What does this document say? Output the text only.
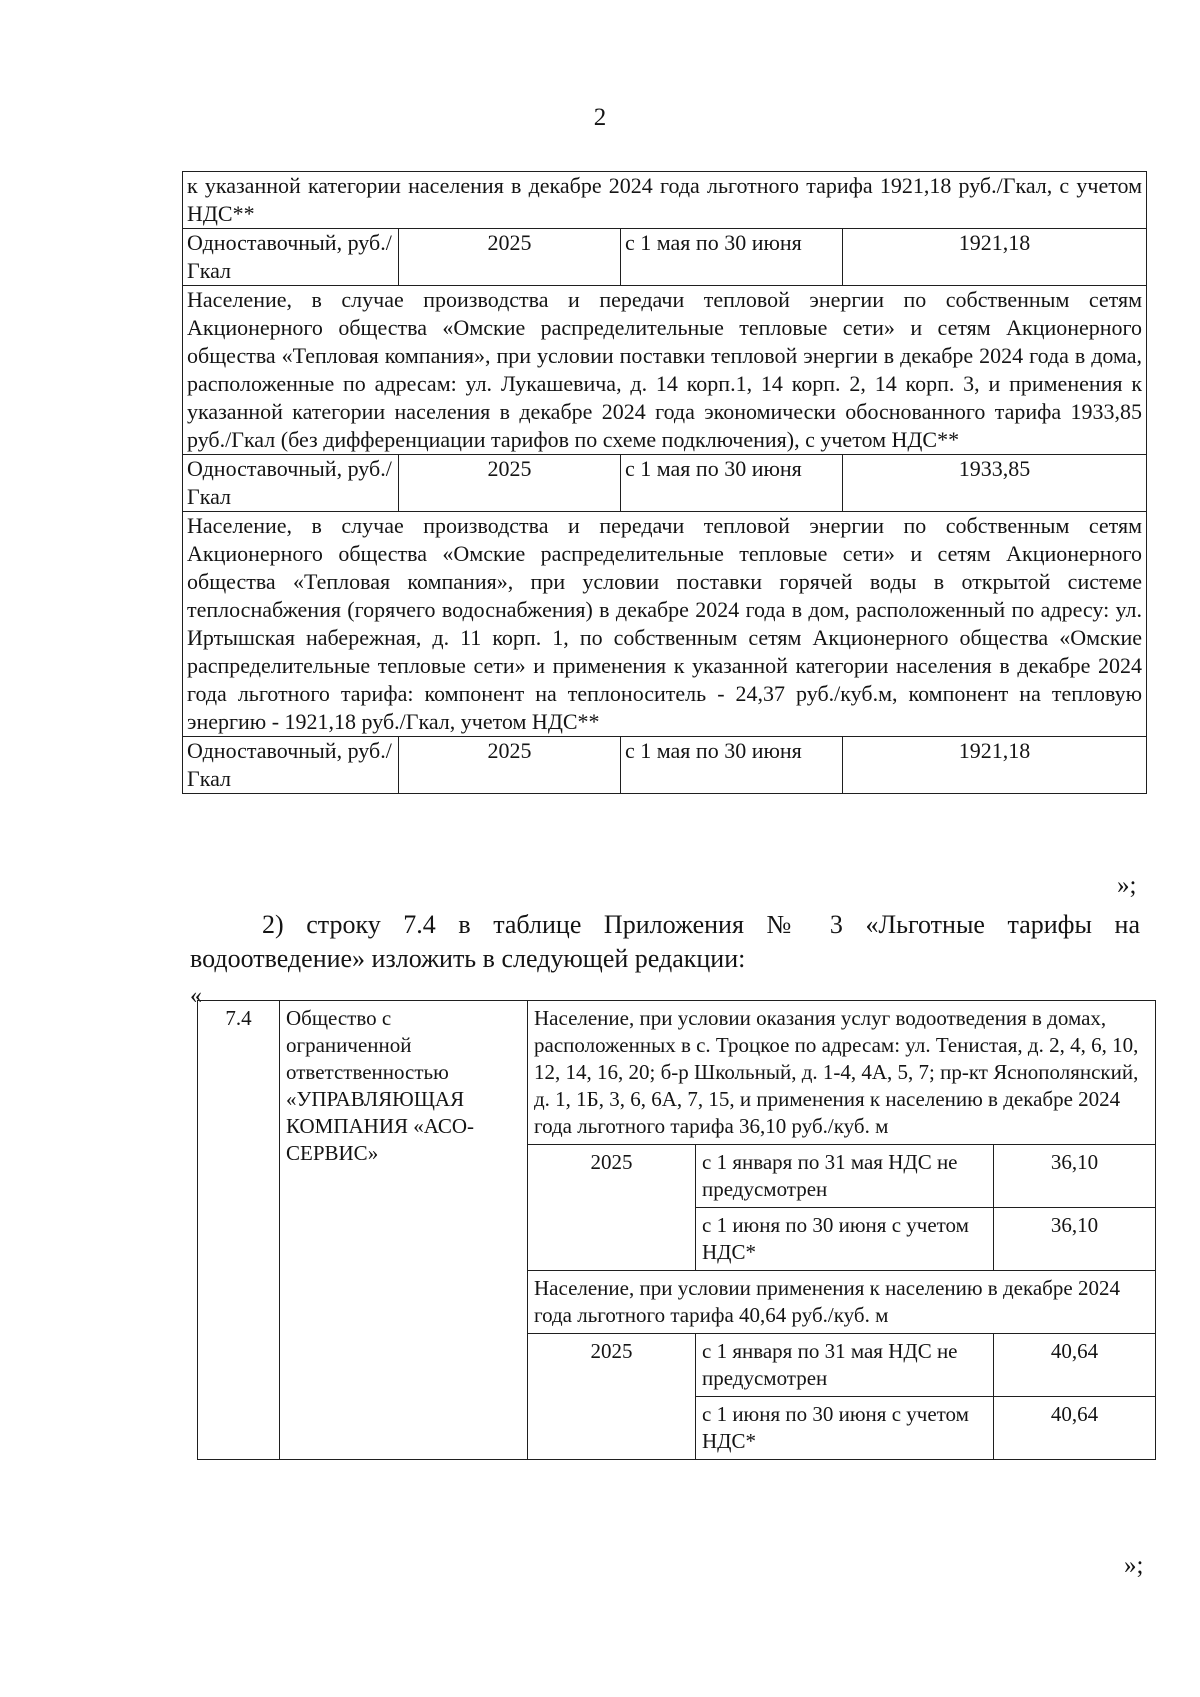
2
к указанной категории населения в декабре 2024 года льготного тарифа 1921,18 руб./Гкал, с учетом НДС**			
Одноставочный, руб./Гкал	2025	с 1 мая по 30 июня	1921,18
Население, в случае производства и передачи тепловой энергии по собственным сетям Акционерного общества «Омские распределительные тепловые сети» и сетям Акционерного общества «Тепловая компания», при условии поставки тепловой энергии в декабре 2024 года в дома, расположенные по адресам: ул. Лукашевича, д. 14 корп.1, 14 корп. 2, 14 корп. 3, и применения к указанной категории населения в декабре 2024 года экономически обоснованного тарифа 1933,85 руб./Гкал (без дифференциации тарифов по схеме подключения), с учетом НДС**			
Одноставочный, руб./Гкал	2025	с 1 мая по 30 июня	1933,85
Население, в случае производства и передачи тепловой энергии по собственным сетям Акционерного общества «Омские распределительные тепловые сети» и сетям Акционерного общества «Тепловая компания», при условии поставки горячей воды в открытой системе теплоснабжения (горячего водоснабжения) в декабре 2024 года в дом, расположенный по адресу: ул. Иртышская набережная, д. 11 корп. 1, по собственным сетям Акционерного общества «Омские распределительные тепловые сети» и применения к указанной категории населения в декабре 2024 года льготного тарифа: компонент на теплоноситель - 24,37 руб./куб.м, компонент на тепловую энергию - 1921,18 руб./Гкал, учетом НДС**			
Одноставочный, руб./Гкал	2025	с 1 мая по 30 июня	1921,18
»;
2) строку 7.4 в таблице Приложения № 3 «Льготные тарифы на водоотведение» изложить в следующей редакции:
«
7.4	Общество с ограниченной ответственностью «УПРАВЛЯЮЩАЯ КОМПАНИЯ «АСО-СЕРВИС»	Население, при условии оказания услуг водоотведения в домах, расположенных в с. Троцкое по адресам: ул. Тенистая, д. 2, 4, 6, 10, 12, 14, 16, 20; б-р Школьный, д. 1-4, 4А, 5, 7; пр-кт Яснополянский, д. 1, 1Б, 3, 6, 6А, 7, 15, и применения к населению в декабре 2024 года льготного тарифа 36,10 руб./куб. м		
		2025	с 1 января по 31 мая НДС не предусмотрен	36,10
			с 1 июня по 30 июня с учетом НДС*	36,10
		Население, при условии применения к населению в декабре 2024 года льготного тарифа 40,64 руб./куб. м		
		2025	с 1 января по 31 мая НДС не предусмотрен	40,64
			с 1 июня по 30 июня с учетом НДС*	40,64
»;
